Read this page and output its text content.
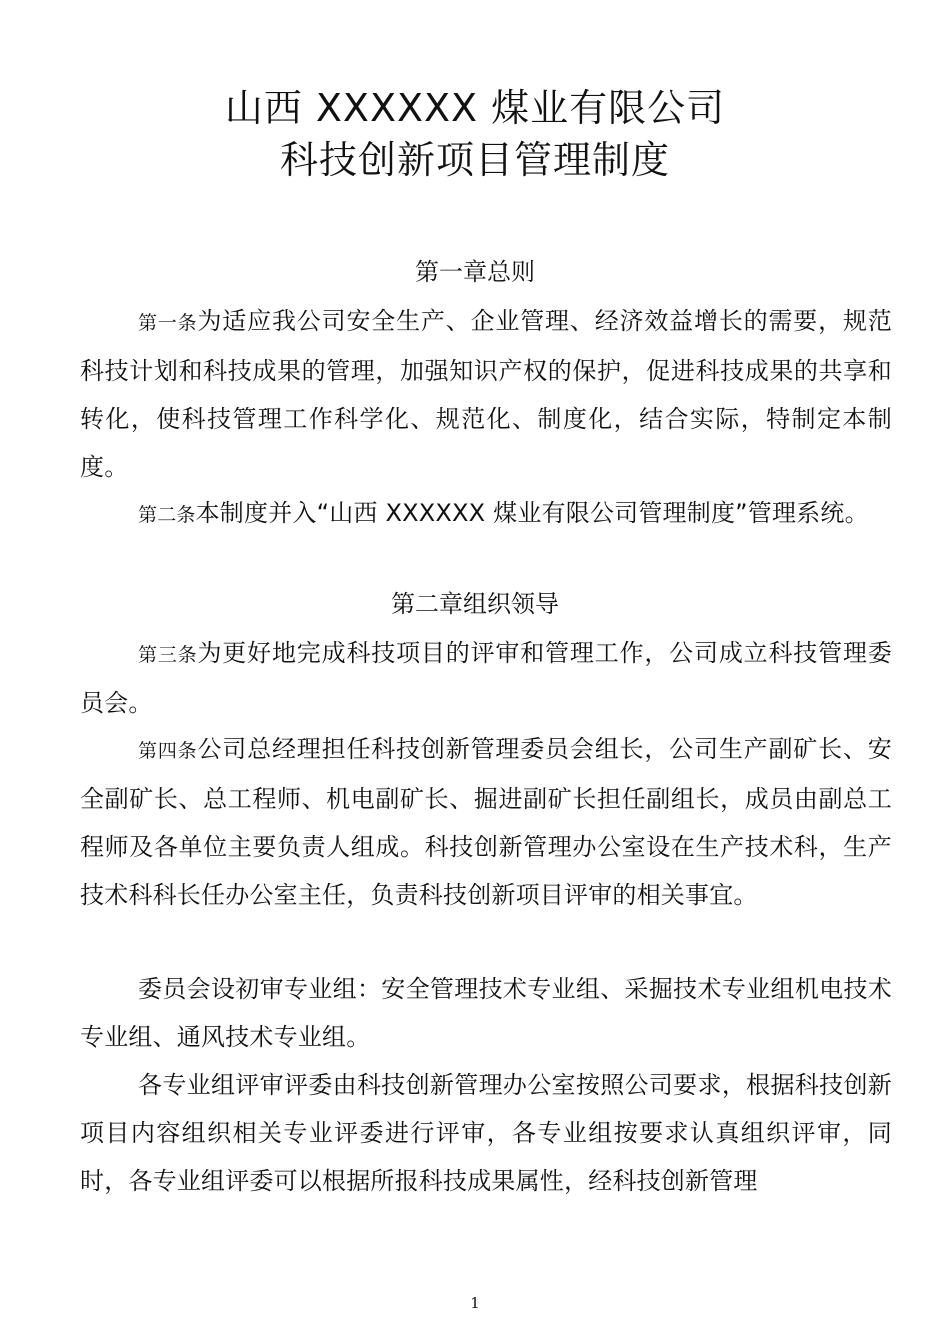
山西 XXXXXX 煤业有限公司
科技创新项目管理制度
第一章总则

第一条为适应我公司安全生产、企业管理、经济效益增长的需要，规范科技计划和科技成果的管理，加强知识产权的保护，促进科技成果的共享和转化，使科技管理工作科学化、规范化、制度化，结合实际，特制定本制度。

第二条本制度并入“山西 XXXXXX 煤业有限公司管理制度”管理系统。

第二章组织领导

第三条为更好地完成科技项目的评审和管理工作，公司成立科技管理委员会。

第四条公司总经理担任科技创新管理委员会组长，公司生产副矿长、安全副矿长、总工程师、机电副矿长、掘进副矿长担任副组长，成员由副总工程师及各单位主要负责人组成。科技创新管理办公室设在生产技术科，生产技术科科长任办公室主任，负责科技创新项目评审的相关事宜。

委员会设初审专业组：安全管理技术专业组、采掘技术专业组机电技术专业组、通风技术专业组。

各专业组评审评委由科技创新管理办公室按照公司要求，根据科技创新项目内容组织相关专业评委进行评审，各专业组按要求认真组织评审，同时，各专业组评委可以根据所报科技成果属性，经科技创新管理

1
